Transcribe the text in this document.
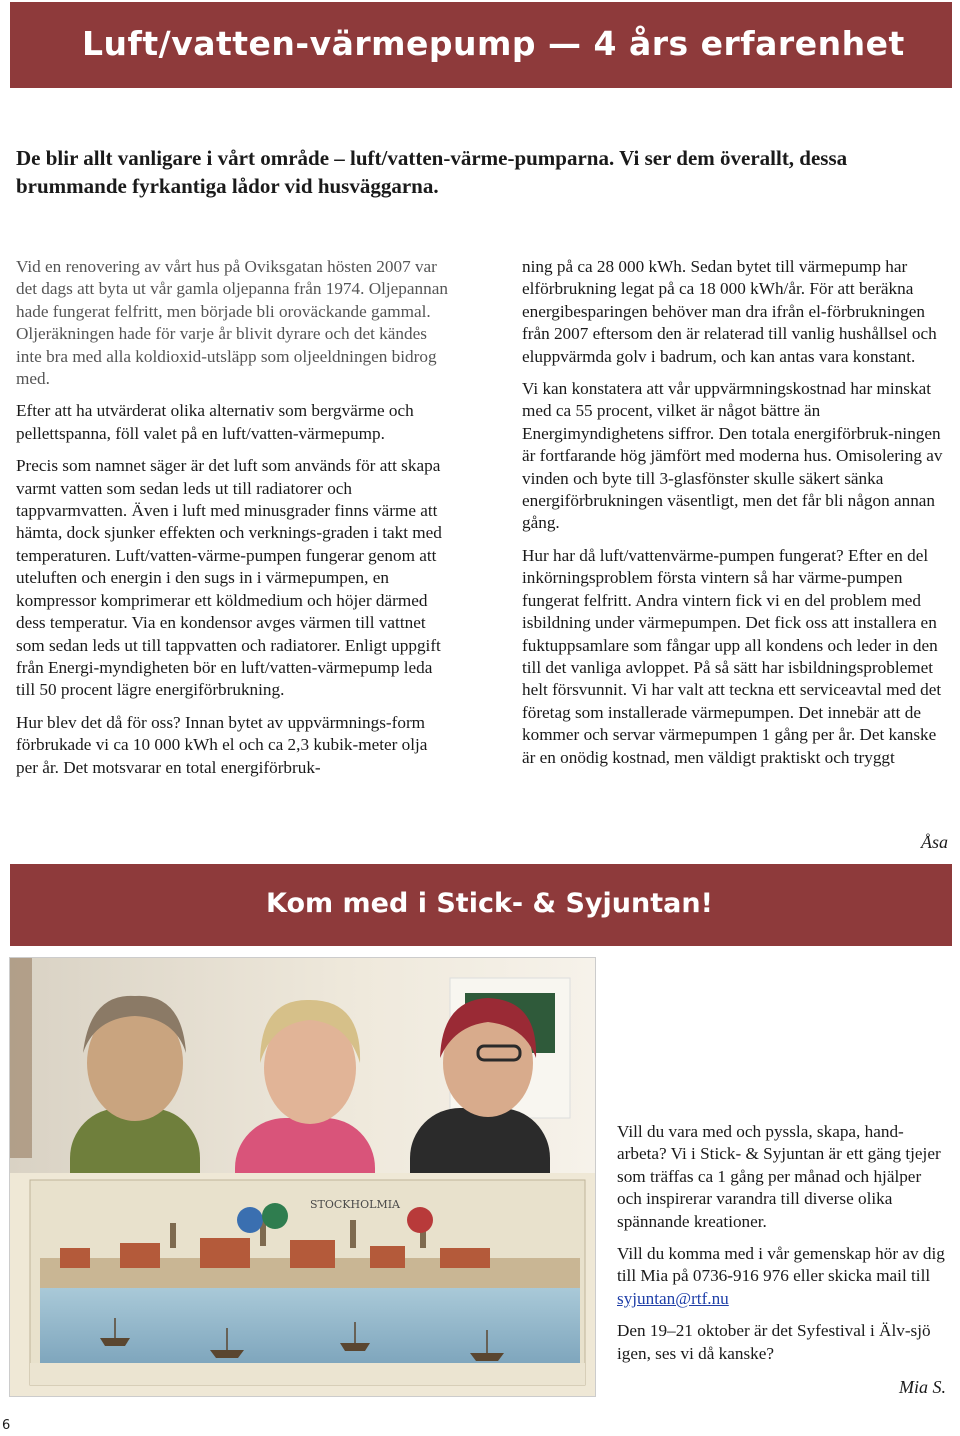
Luft/vatten-värmepump — 4 års erfarenhet
De blir allt vanligare i vårt område – luft/vatten-värme-pumparna. Vi ser dem överallt, dessa brummande fyrkantiga lådor vid husväggarna.

Vid en renovering av vårt hus på Oviksgatan hösten 2007 var det dags att byta ut vår gamla oljepanna från 1974. Oljepannan hade fungerat felfritt, men började bli oroväckande gammal. Oljeräkningen hade för varje år blivit dyrare och det kändes inte bra med alla koldioxid-utsläpp som oljeeldningen bidrog med.

Efter att ha utvärderat olika alternativ som bergvärme och pellettspanna, föll valet på en luft/vatten-värmepump.

Precis som namnet säger är det luft som används för att skapa varmt vatten som sedan leds ut till radiatorer och tappvarmvatten. Även i luft med minusgrader finns värme att hämta, dock sjunker effekten och verknings-graden i takt med temperaturen. Luft/vatten-värme-pumpen fungerar genom att uteluften och energin i den sugs in i värmepumpen, en kompressor komprimerar ett köldmedium och höjer därmed dess temperatur. Via en kondensor avges värmen till vattnet som sedan leds ut till tappvatten och radiatorer. Enligt uppgift från Energi-myndigheten bör en luft/vatten-värmepump leda till 50 procent lägre energiförbrukning.

Hur blev det då för oss? Innan bytet av uppvärmnings-form förbrukade vi ca 10 000 kWh el och ca 2,3 kubik-meter olja per år. Det motsvarar en total energiförbruk-

ning på ca 28 000 kWh. Sedan bytet till värmepump har elförbrukning legat på ca 18 000 kWh/år. För att beräkna energibesparingen behöver man dra ifrån el-förbrukningen från 2007 eftersom den är relaterad till vanlig hushållsel och eluppvärmda golv i badrum, och kan antas vara konstant.

Vi kan konstatera att vår uppvärmningskostnad har minskat med ca 55 procent, vilket är något bättre än Energimyndighetens siffror. Den totala energiförbruk-ningen är fortfarande hög jämfört med moderna hus. Omisolering av vinden och byte till 3-glasfönster skulle säkert sänka energiförbrukningen väsentligt, men det får bli någon annan gång.

Hur har då luft/vattenvärme-pumpen fungerat? Efter en del inkörningsproblem första vintern så har värme-pumpen fungerat felfritt. Andra vintern fick vi en del problem med isbildning under värmepumpen. Det fick oss att installera en fuktuppsamlare som fångar upp all kondens och leder in den till det vanliga avloppet. På så sätt har isbildningsproblemet helt försvunnit. Vi har valt att teckna ett serviceavtal med det företag som installerade värmepumpen. Det innebär att de kommer och servar värmepumpen 1 gång per år. Det kanske är en onödig kostnad, men väldigt praktiskt och tryggt

Åsa
Kom med i Stick- & Syjuntan!
STOCKHOLMIA

Vill du vara med och pyssla, skapa, hand-arbeta? Vi i Stick- & Syjuntan är ett gäng tjejer som träffas ca 1 gång per månad och hjälper och inspirerar varandra till diverse olika spännande kreationer.

Vill du komma med i vår gemenskap hör av dig till Mia på 0736-916 976 eller skicka mail till syjuntan@rtf.nu

Den 19–21 oktober är det Syfestival i Älv-sjö igen, ses vi då kanske?

Mia S.
6
